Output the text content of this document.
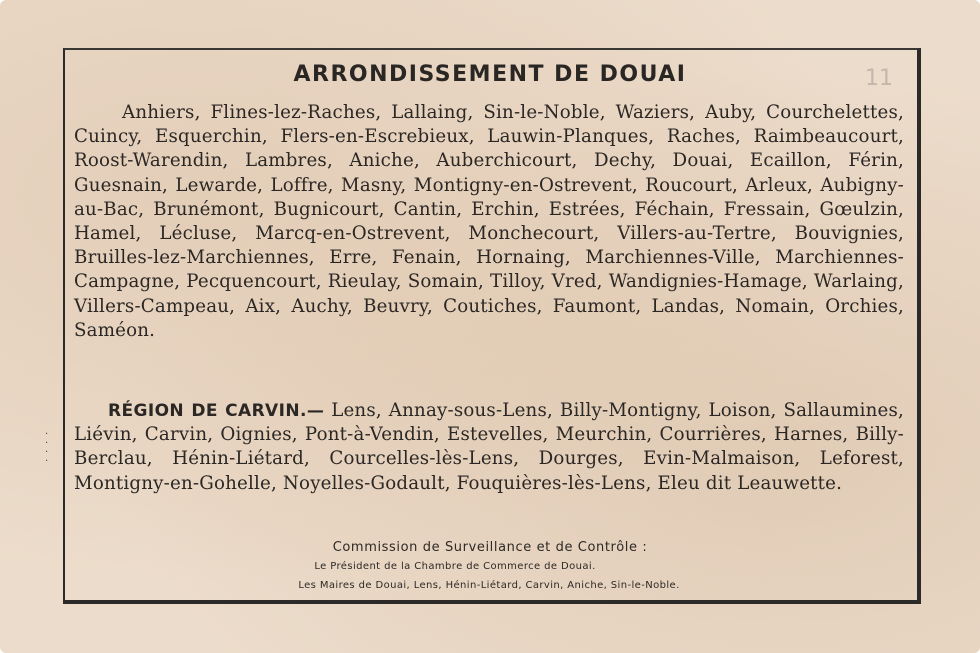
ARRONDISSEMENT DE DOUAI	11
Anhiers, Flines-lez-Raches, Lallaing, Sin-le-Noble, Waziers, Auby, Courchelettes, Cuincy, Esquerchin, Flers-en-Escrebieux, Lauwin-Planques, Raches, Raimbeaucourt, Roost-Warendin, Lambres, Aniche, Auberchicourt, Dechy, Douai, Ecaillon, Férin, Guesnain, Lewarde, Loffre, Masny, Montigny-en-Ostrevent, Roucourt, Arleux, Aubigny-au-Bac, Brunémont, Bugnicourt, Cantin, Erchin, Estrées, Féchain, Fressain, Gœulzin, Hamel, Lécluse, Marcq-en-Ostrevent, Monchecourt, Villers-au-Tertre, Bouvignies, Bruilles-lez-Marchiennes, Erre, Fenain, Hornaing, Marchiennes-Ville, Marchiennes-Campagne, Pecquencourt, Rieulay, Somain, Tilloy, Vred, Wandignies-Hamage, Warlaing, Villers-Campeau, Aix, Auchy, Beuvry, Coutiches, Faumont, Landas, Nomain, Orchies, Saméon.
·
·
·
·
RÉGION DE CARVIN.— Lens, Annay-sous-Lens, Billy-Montigny, Loison, Sallaumines, Liévin, Carvin, Oignies, Pont-à-Vendin, Estevelles, Meurchin, Courrières, Harnes, Billy-Berclau, Hénin-Liétard, Courcelles-lès-Lens, Dourges, Evin-Malmaison, Leforest, Montigny-en-Gohelle, Noyelles-Godault, Fouquières-lès-Lens, Eleu dit Leauwette.
Commission de Surveillance et de Contrôle :
Le Président de la Chambre de Commerce de Douai.
Les Maires de Douai, Lens, Hénin-Liétard, Carvin, Aniche, Sin-le-Noble.
